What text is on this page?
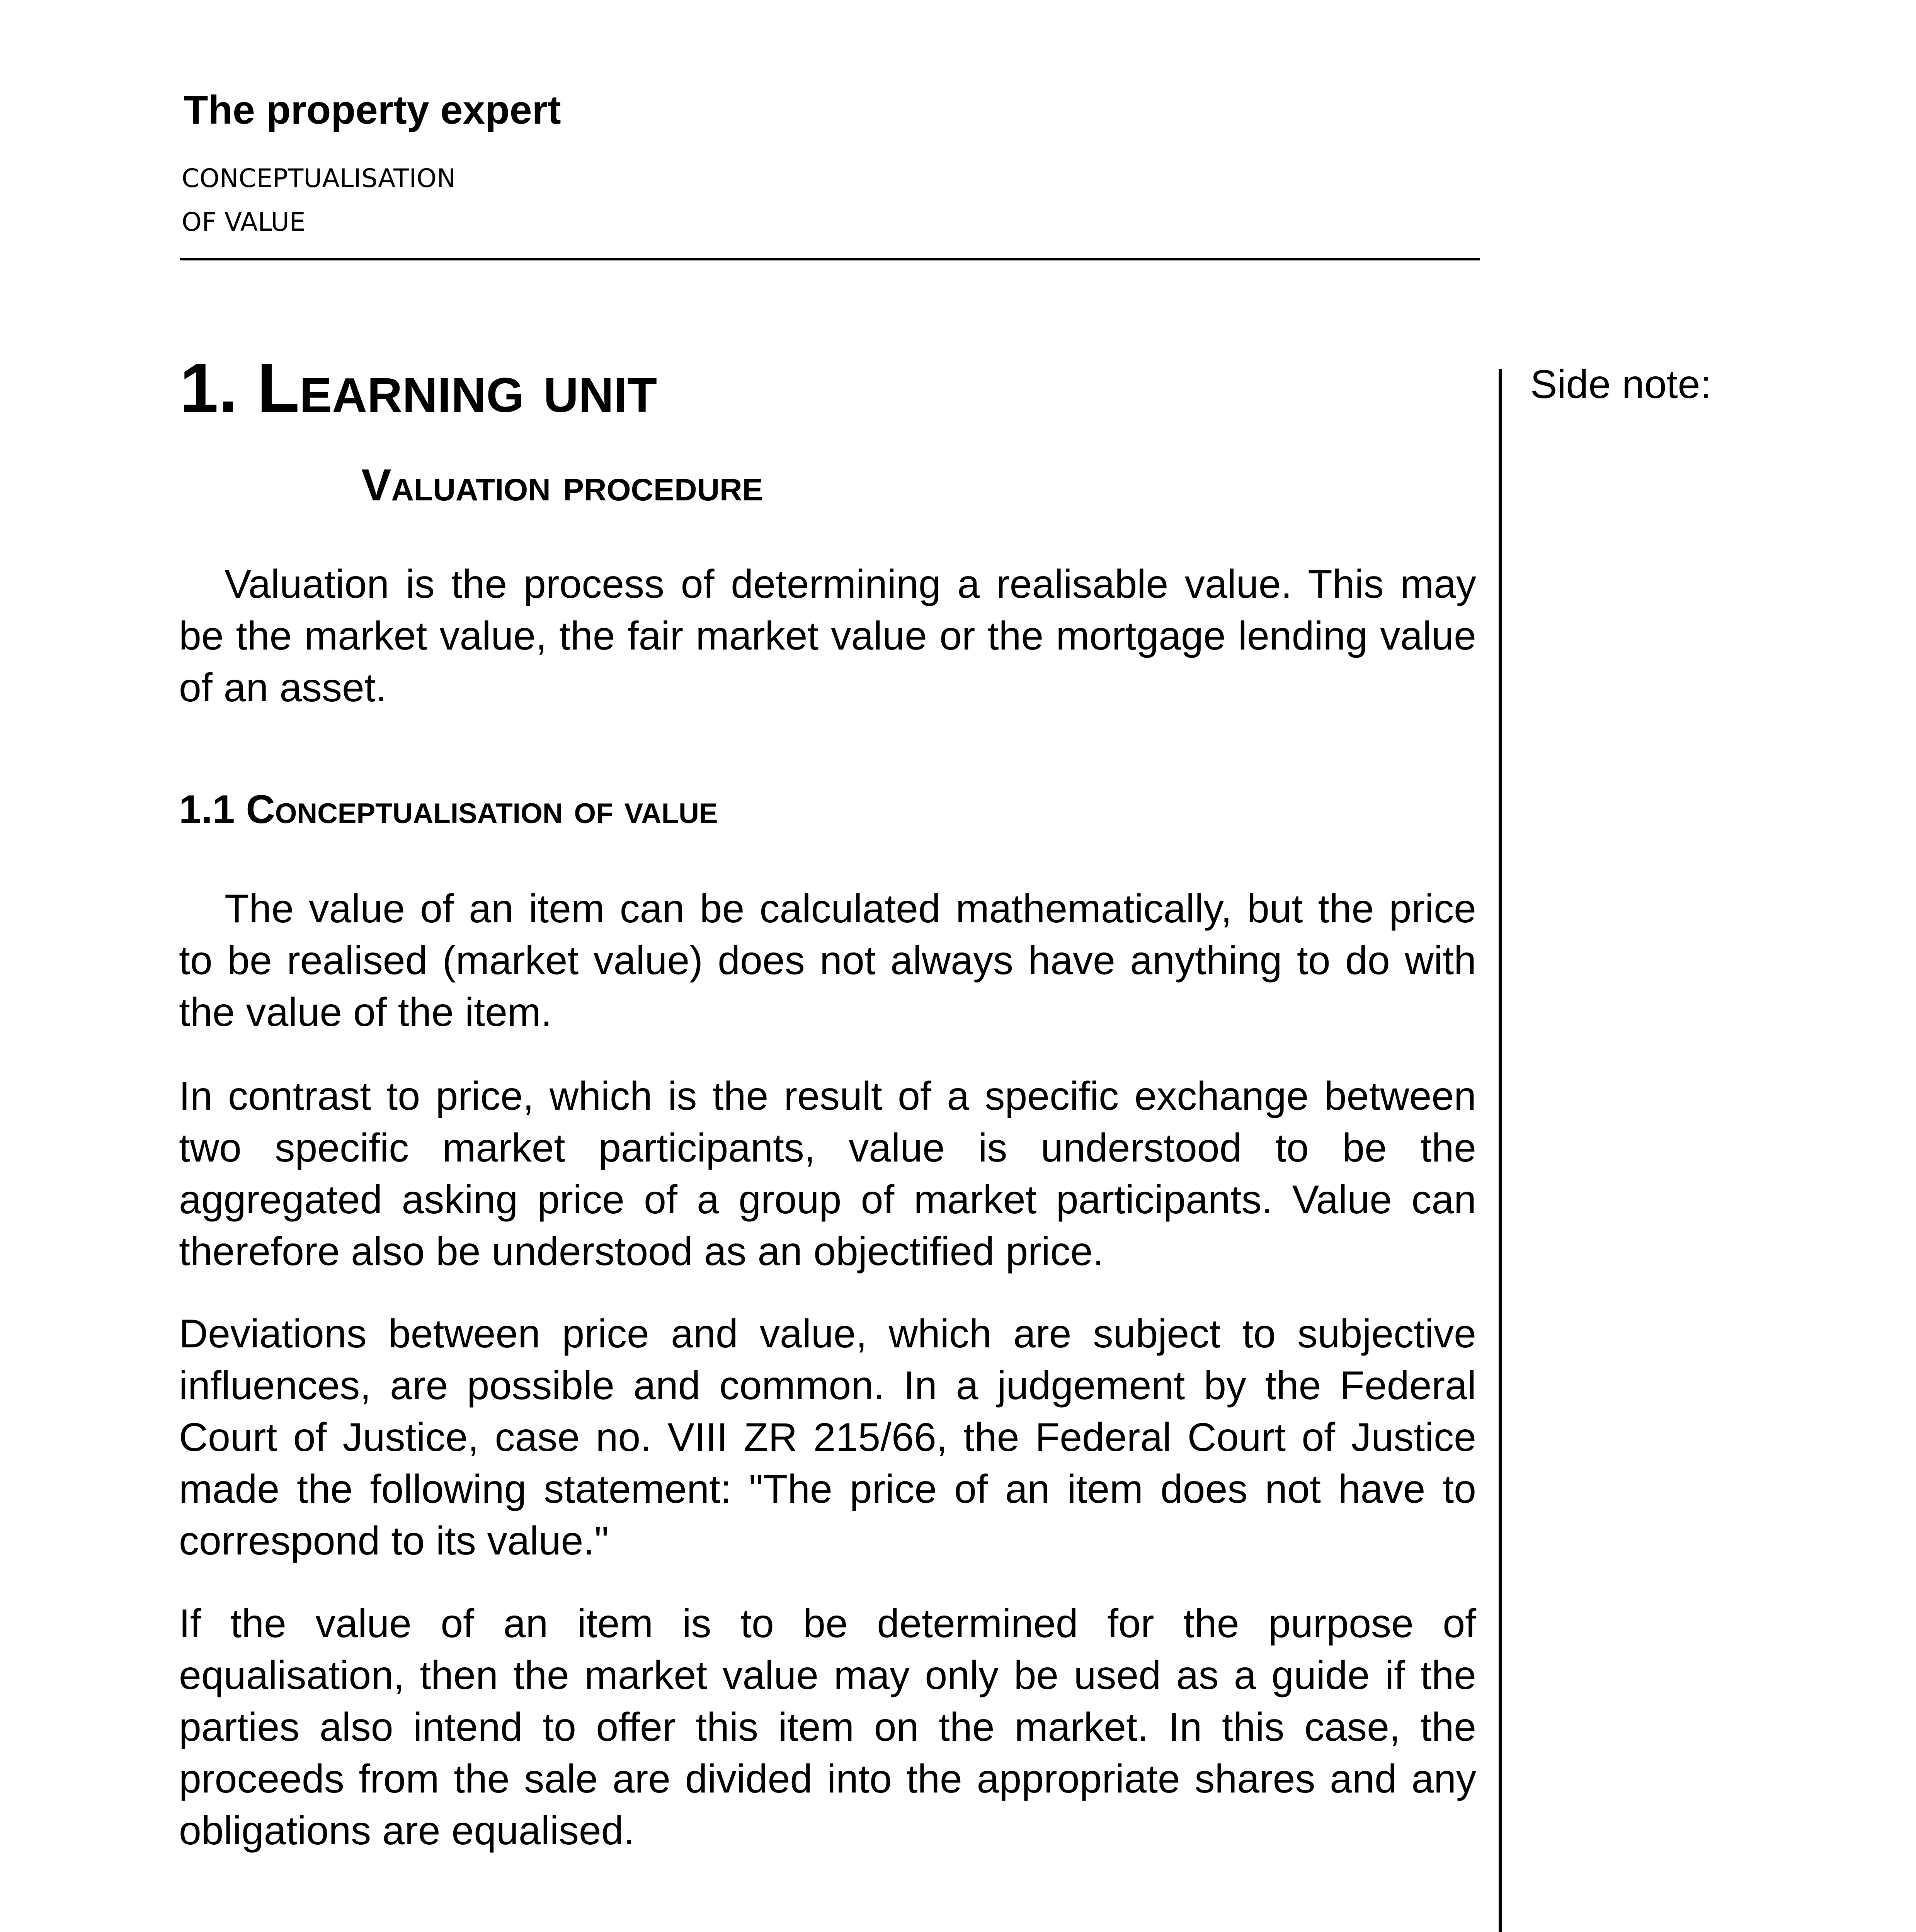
The property expert
CONCEPTUALISATION
OF VALUE
Side note:
1. Learning unit
Valuation procedure

Valuation is the process of determining a realisable value. This may be the market value, the fair market value or the mortgage lending value of an asset.

1.1 Conceptualisation of value

The value of an item can be calculated mathematically, but the price to be realised (market value) does not always have anything to do with the value of the item.

In contrast to price, which is the result of a specific exchange between two specific market participants, value is understood to be the aggregated asking price of a group of market participants. Value can therefore also be understood as an objectified price.

Deviations between price and value, which are subject to subjective influences, are possible and common. In a judgement by the Federal Court of Justice, case no. VIII ZR 215/66, the Federal Court of Justice made the following statement: "The price of an item does not have to correspond to its value."

If the value of an item is to be determined for the purpose of equalisation, then the market value may only be used as a guide if the parties also intend to offer this item on the market. In this case, the proceeds from the sale are divided into the appropriate shares and any obligations are equalised.
